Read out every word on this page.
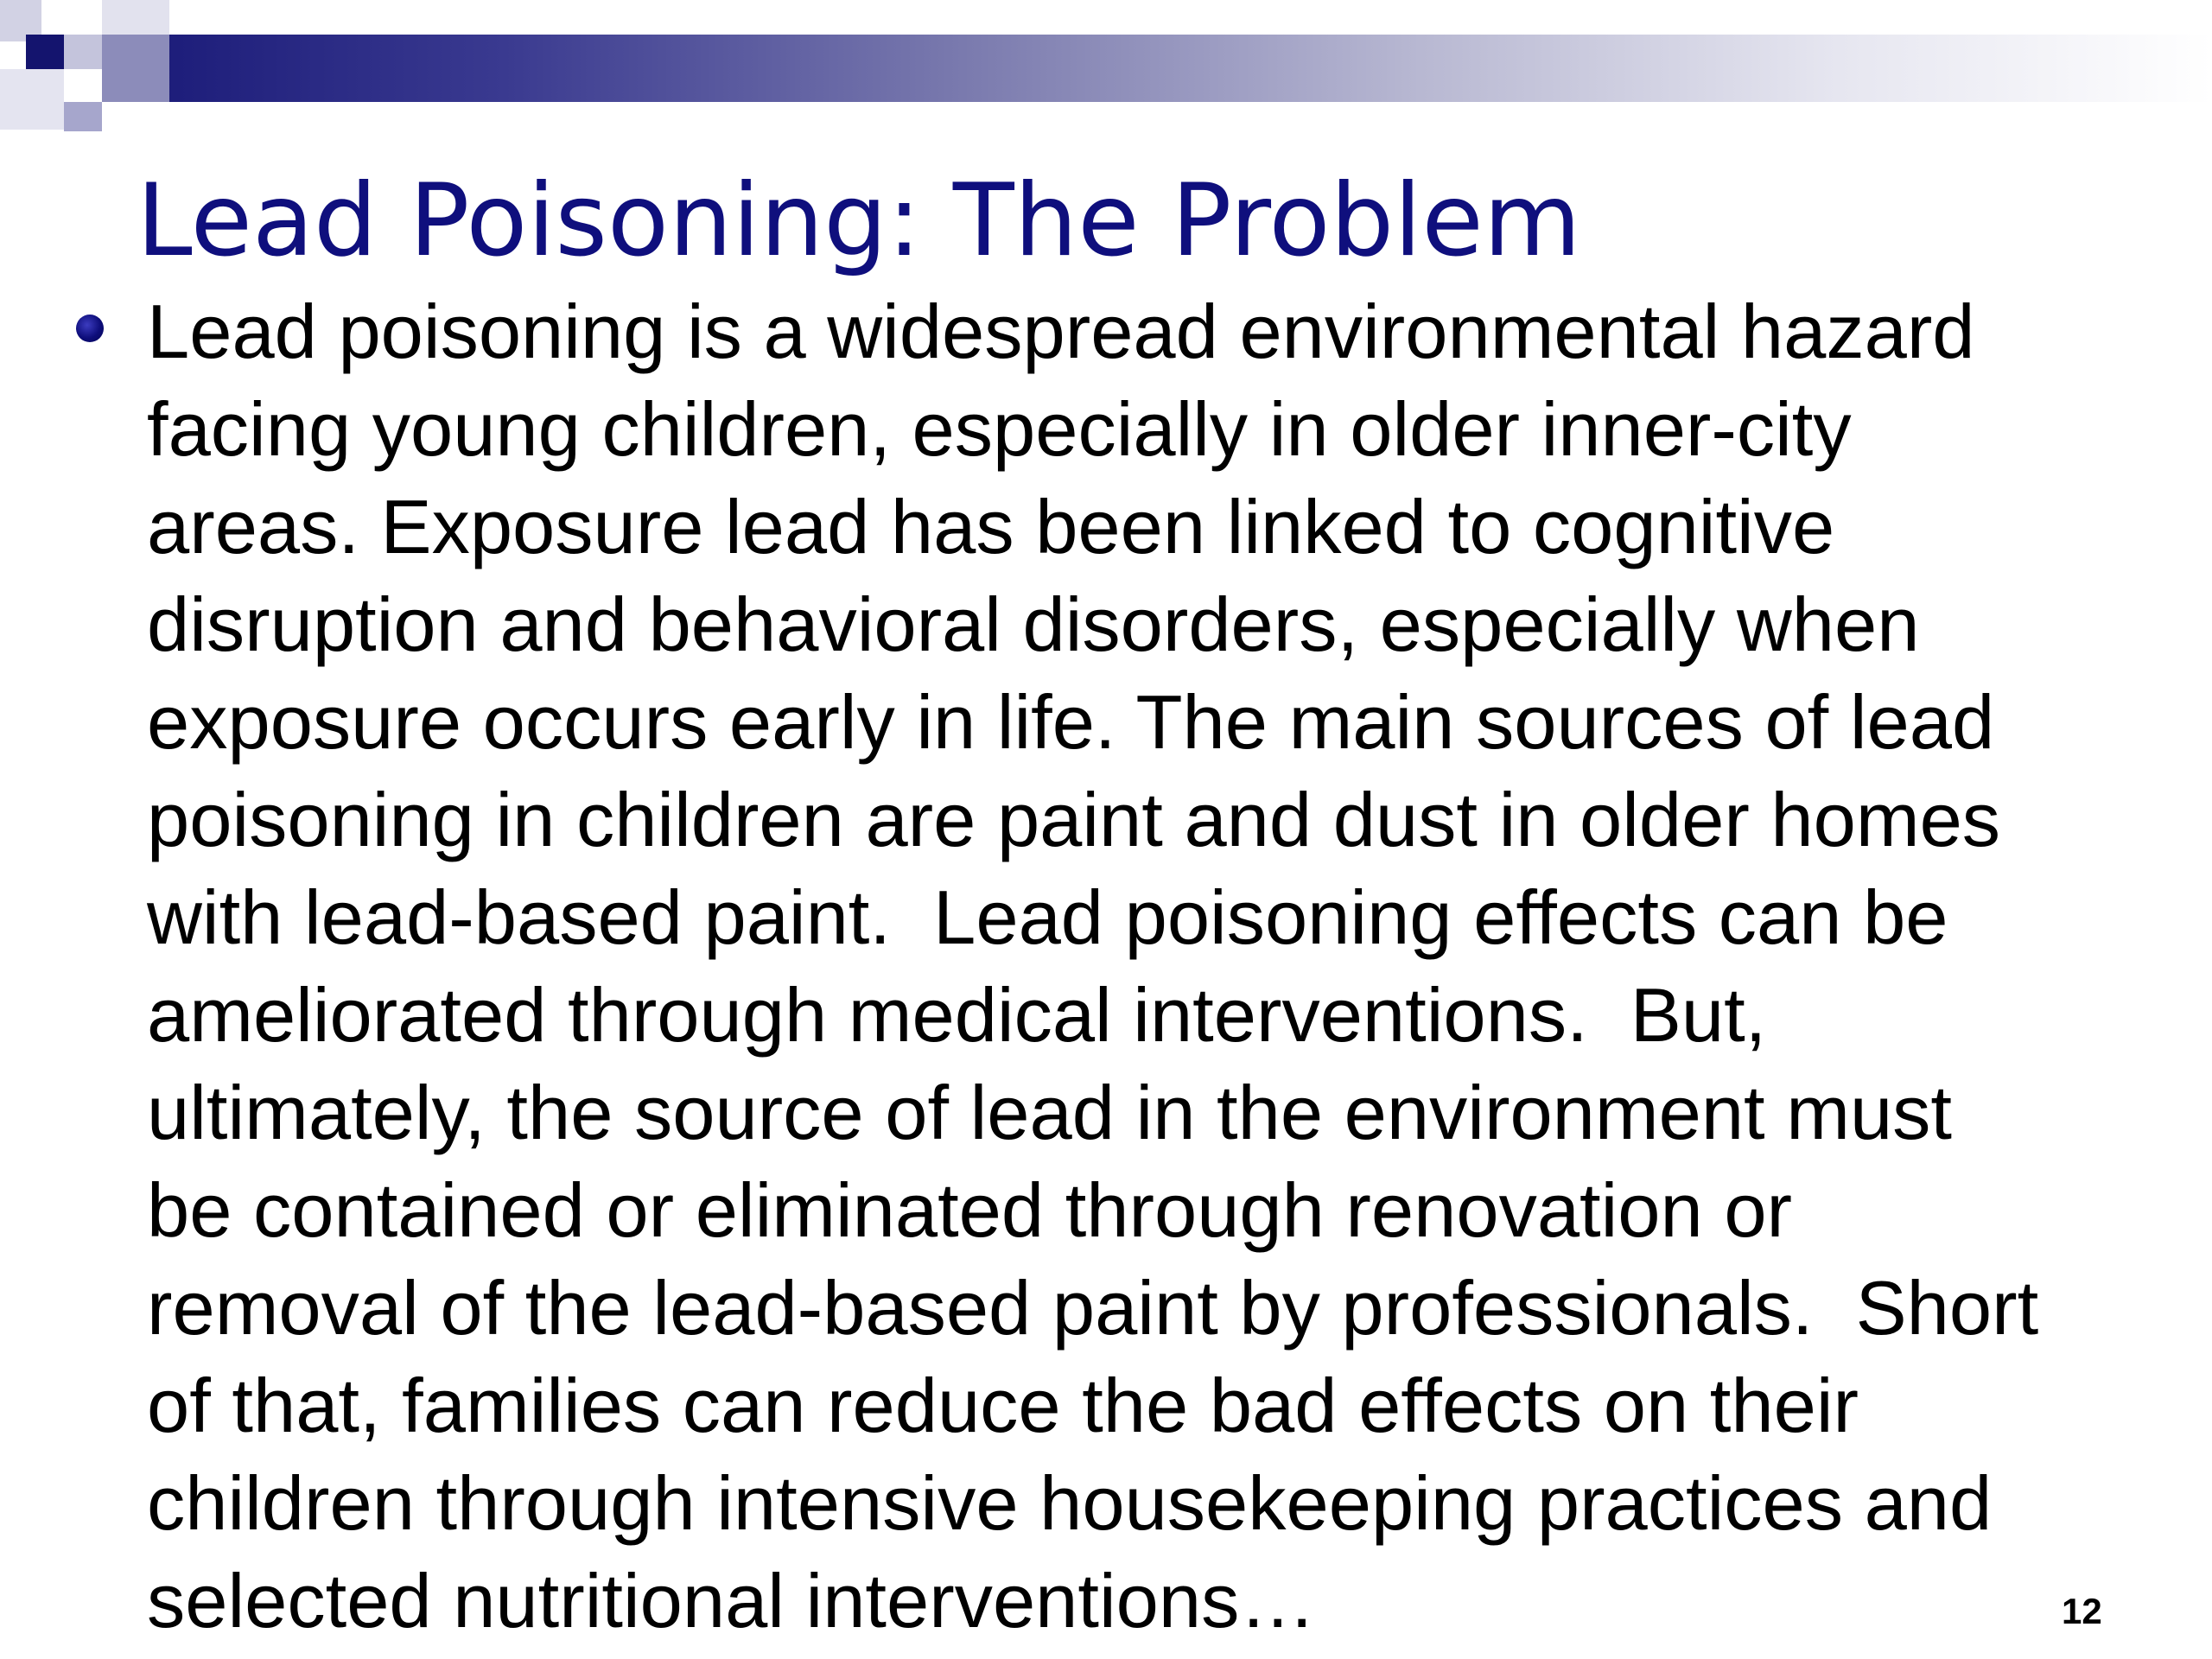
Lead Poisoning: The Problem

Lead poisoning is a widespread environmental hazard
facing young children, especially in older inner-city
areas. Exposure lead has been linked to cognitive
disruption and behavioral disorders, especially when
exposure occurs early in life. The main sources of lead
poisoning in children are paint and dust in older homes
with lead-based paint.  Lead poisoning effects can be
ameliorated through medical interventions.  But,
ultimately, the source of lead in the environment must
be contained or eliminated through renovation or
removal of the lead-based paint by professionals.  Short
of that, families can reduce the bad effects on their
children through intensive housekeeping practices and
selected nutritional interventions…	12
